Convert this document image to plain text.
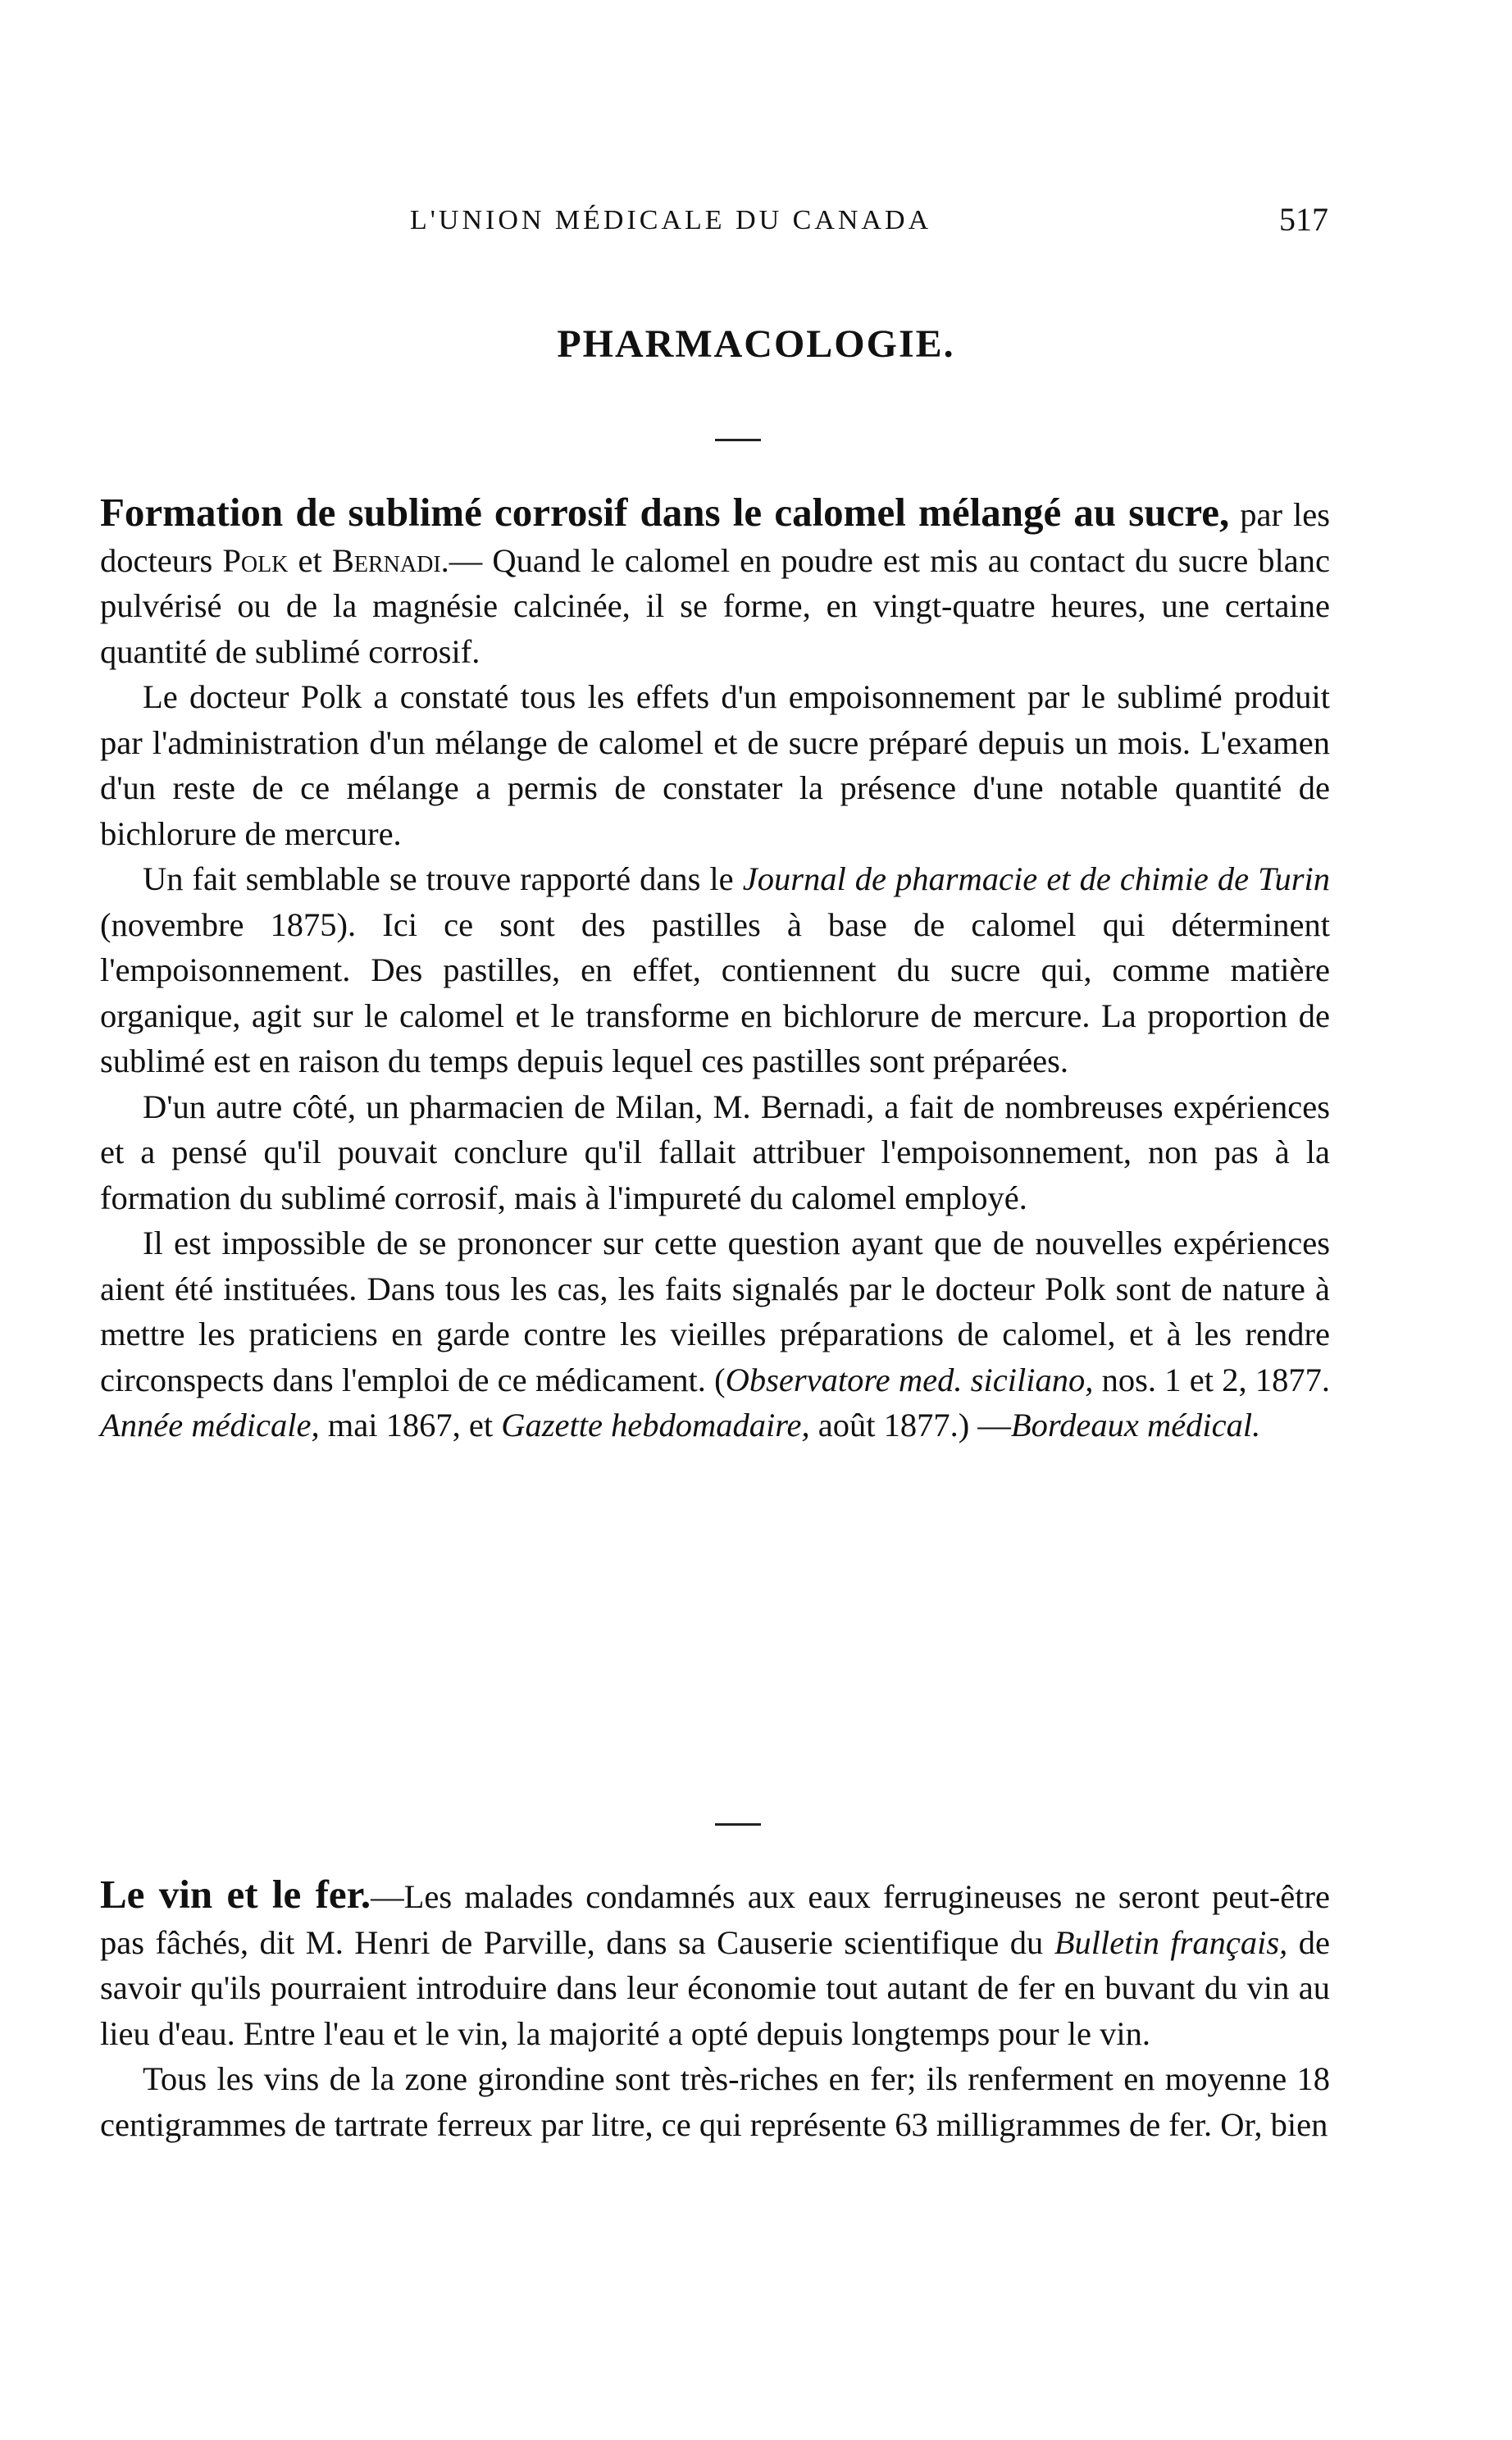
L'UNION MÉDICALE DU CANADA	517
PHARMACOLOGIE.

Formation de sublimé corrosif dans le calomel mélangé au sucre, par les docteurs Polk et Bernadi.— Quand le calomel en poudre est mis au contact du sucre blanc pulvérisé ou de la magnésie calcinée, il se forme, en vingt-quatre heures, une certaine quantité de sublimé corrosif.

Le docteur Polk a constaté tous les effets d'un empoisonnement par le sublimé produit par l'administration d'un mélange de calomel et de sucre préparé depuis un mois. L'examen d'un reste de ce mélange a permis de constater la présence d'une notable quantité de bichlorure de mercure.

Un fait semblable se trouve rapporté dans le Journal de pharmacie et de chimie de Turin (novembre 1875). Ici ce sont des pastilles à base de calomel qui déterminent l'empoisonnement. Des pastilles, en effet, contiennent du sucre qui, comme matière organique, agit sur le calomel et le transforme en bichlorure de mercure. La proportion de sublimé est en raison du temps depuis lequel ces pastilles sont préparées.

D'un autre côté, un pharmacien de Milan, M. Bernadi, a fait de nombreuses expériences et a pensé qu'il pouvait conclure qu'il fallait attribuer l'empoisonnement, non pas à la formation du sublimé corrosif, mais à l'impureté du calomel employé.

Il est impossible de se prononcer sur cette question ayant que de nouvelles expériences aient été instituées. Dans tous les cas, les faits signalés par le docteur Polk sont de nature à mettre les praticiens en garde contre les vieilles préparations de calomel, et à les rendre circonspects dans l'emploi de ce médicament. (Observatore med. siciliano, nos. 1 et 2, 1877. Année médicale, mai 1867, et Gazette hebdomadaire, août 1877.) —Bordeaux médical.

Le vin et le fer.—Les malades condamnés aux eaux ferrugineuses ne seront peut-être pas fâchés, dit M. Henri de Parville, dans sa Causerie scientifique du Bulletin français, de savoir qu'ils pourraient introduire dans leur économie tout autant de fer en buvant du vin au lieu d'eau. Entre l'eau et le vin, la majorité a opté depuis longtemps pour le vin.

Tous les vins de la zone girondine sont très-riches en fer; ils renferment en moyenne 18 centigrammes de tartrate ferreux par litre, ce qui représente 63 milligrammes de fer. Or, bien
